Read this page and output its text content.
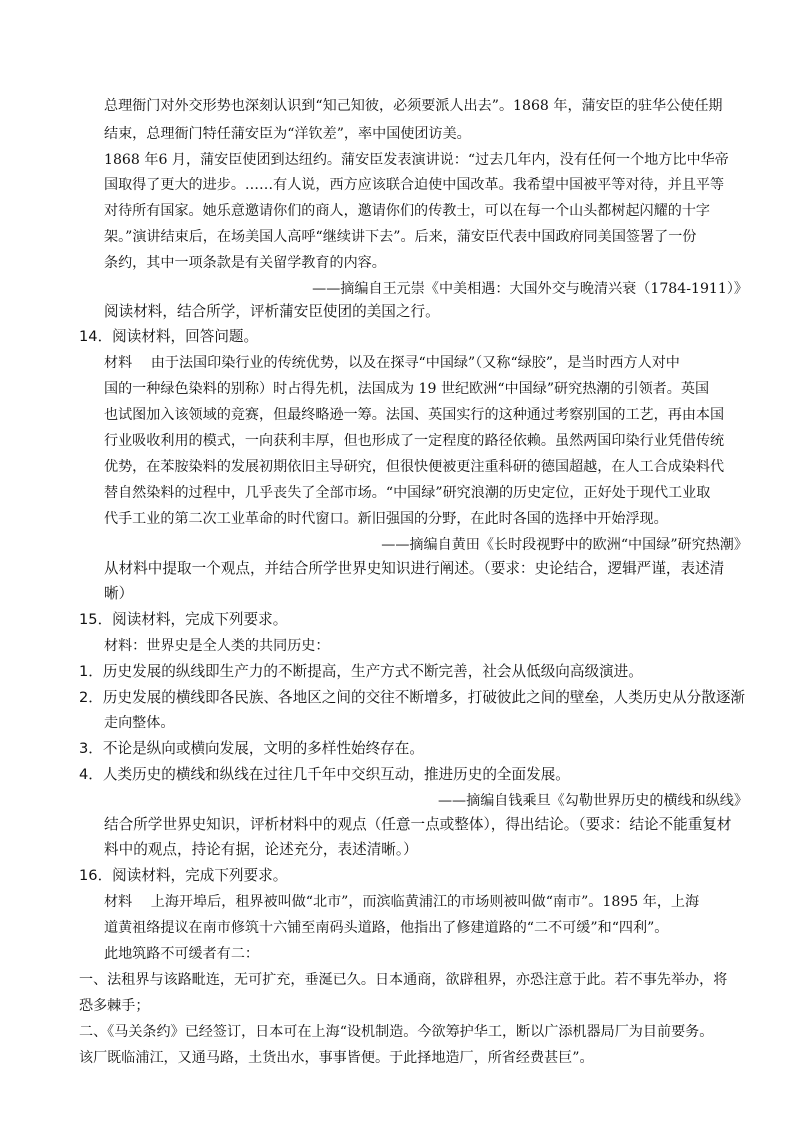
总理衙门对外交形势也深刻认识到“知己知彼，必须要派人出去”。1868 年，蒲安臣的驻华公使任期
结束，总理衙门特任蒲安臣为“洋钦差”，率中国使团访美。
1868 年6 月，蒲安臣使团到达纽约。蒲安臣发表演讲说：“过去几年内，没有任何一个地方比中华帝
国取得了更大的进步。……有人说，西方应该联合迫使中国改革。我希望中国被平等对待，并且平等
对待所有国家。她乐意邀请你们的商人，邀请你们的传教士，可以在每一个山头都树起闪耀的十字
架。”演讲结束后，在场美国人高呼“继续讲下去”。后来，蒲安臣代表中国政府同美国签署了一份
条约，其中一项条款是有关留学教育的内容。
——摘编自王元崇《中美相遇：大国外交与晚清兴衰（1784-1911）》
阅读材料，结合所学，评析蒲安臣使团的美国之行。
14．阅读材料，回答问题。
材料　 由于法国印染行业的传统优势，以及在探寻“中国绿”（又称“绿胶”，是当时西方人对中
国的一种绿色染料的别称）时占得先机，法国成为 19 世纪欧洲“中国绿”研究热潮的引领者。英国
也试图加入该领域的竞赛，但最终略逊一筹。法国、英国实行的这种通过考察别国的工艺，再由本国
行业吸收利用的模式，一向获利丰厚，但也形成了一定程度的路径依赖。虽然两国印染行业凭借传统
优势，在苯胺染料的发展初期依旧主导研究，但很快便被更注重科研的德国超越，在人工合成染料代
替自然染料的过程中，几乎丧失了全部市场。“中国绿”研究浪潮的历史定位，正好处于现代工业取
代手工业的第二次工业革命的时代窗口。新旧强国的分野，在此时各国的选择中开始浮现。
——摘编自黄田《长时段视野中的欧洲“中国绿”研究热潮》
从材料中提取一个观点，并结合所学世界史知识进行阐述。（要求：史论结合，逻辑严谨，表述清
晰）
15．阅读材料，完成下列要求。
材料：世界史是全人类的共同历史：
1．历史发展的纵线即生产力的不断提高，生产方式不断完善，社会从低级向高级演进。
2．历史发展的横线即各民族、各地区之间的交往不断增多，打破彼此之间的壁垒，人类历史从分散逐渐
走向整体。
3．不论是纵向或横向发展，文明的多样性始终存在。
4．人类历史的横线和纵线在过往几千年中交织互动，推进历史的全面发展。
——摘编自钱乘旦《勾勒世界历史的横线和纵线》
结合所学世界史知识，评析材料中的观点（任意一点或整体），得出结论。（要求：结论不能重复材
料中的观点，持论有据，论述充分，表述清晰。）
16．阅读材料，完成下列要求。
材料　 上海开埠后，租界被叫做“北市”，而滨临黄浦江的市场则被叫做“南市”。1895 年，上海
道黄祖络提议在南市修筑十六铺至南码头道路，他指出了修建道路的“二不可缓”和“四利”。
此地筑路不可缓者有二：
一、法租界与该路毗连，无可扩充，垂涎已久。日本通商，欲辟租界，亦恐注意于此。若不事先举办，将
恐多棘手；
二、《马关条约》已经签订，日本可在上海“设机制造。今欲筹护华工，断以广添机器局厂为目前要务。
该厂既临浦江，又通马路，土货出水，事事皆便。于此择地造厂，所省经费甚巨”。
